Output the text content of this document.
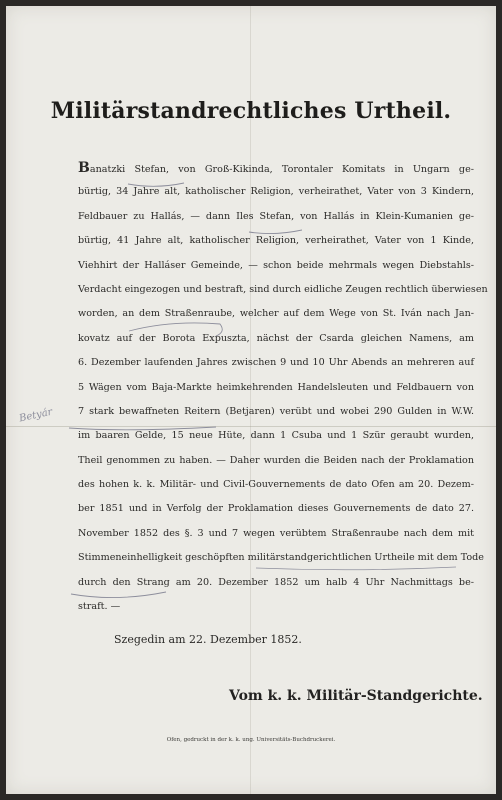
Militärstandrechtliches Urtheil.
Banatzki Stefan, von Groß-Kikinda, Torontaler Komitats in Ungarn ge-
bürtig, 34 Jahre alt, katholischer Religion, verheirathet, Vater von 3 Kindern,
Feldbauer zu Hallás, — dann Iles Stefan, von Hallás in Klein-Kumanien ge-
bürtig, 41 Jahre alt, katholischer Religion, verheirathet, Vater von 1 Kinde,
Viehhirt der Halláser Gemeinde, — schon beide mehrmals wegen Diebstahls-
Verdacht eingezogen und bestraft, sind durch eidliche Zeugen rechtlich überwiesen
worden, an dem Straßenraube, welcher auf dem Wege von St. Iván nach Jan-
kovatz auf der Borota Expuszta, nächst der Csarda gleichen Namens, am
6. Dezember laufenden Jahres zwischen 9 und 10 Uhr Abends an mehreren auf
5 Wägen vom Baja-Markte heimkehrenden Handelsleuten und Feldbauern von
7 stark bewaffneten Reitern (Betjaren) verübt und wobei 290 Gulden in W.W.
im baaren Gelde, 15 neue Hüte, dann 1 Csuba und 1 Szür geraubt wurden,
Theil genommen zu haben. — Daher wurden die Beiden nach der Proklamation
des hohen k. k. Militär- und Civil-Gouvernements de dato Ofen am 20. Dezem-
ber 1851 und in Verfolg der Proklamation dieses Gouvernements de dato 27.
November 1852 des §. 3 und 7 wegen verübtem Straßenraube nach dem mit
Stimmeneinhelligkeit geschöpften militärstandgerichtlichen Urtheile mit dem Tode
durch den Strang am 20. Dezember 1852 um halb 4 Uhr Nachmittags be-
straft. —
Szegedin am 22. Dezember 1852.
Vom k. k. Militär-Standgerichte.
Ofen, gedruckt in der k. k. ung. Universitäts-Buchdruckerei.
Betyár
